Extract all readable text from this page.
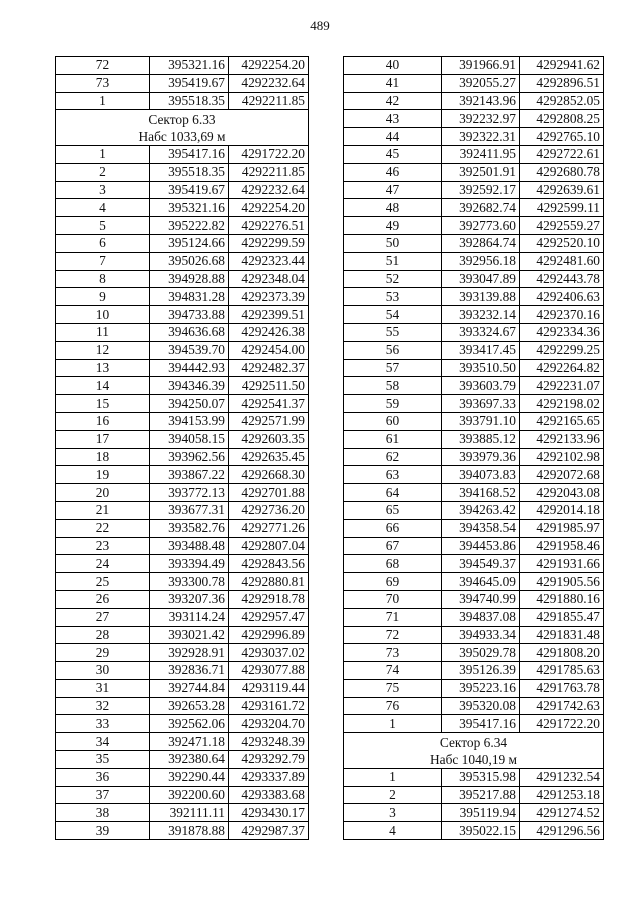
489
72	395321.16	4292254.20
73	395419.67	4292232.64
1	395518.35	4292211.85

Сектор 6.33
Набс 1033,69 м		

1	395417.16	4291722.20
2	395518.35	4292211.85
3	395419.67	4292232.64
4	395321.16	4292254.20
5	395222.82	4292276.51
6	395124.66	4292299.59
7	395026.68	4292323.44
8	394928.88	4292348.04
9	394831.28	4292373.39
10	394733.88	4292399.51
11	394636.68	4292426.38
12	394539.70	4292454.00
13	394442.93	4292482.37
14	394346.39	4292511.50
15	394250.07	4292541.37
16	394153.99	4292571.99
17	394058.15	4292603.35
18	393962.56	4292635.45
19	393867.22	4292668.30
20	393772.13	4292701.88
21	393677.31	4292736.20
22	393582.76	4292771.26
23	393488.48	4292807.04
24	393394.49	4292843.56
25	393300.78	4292880.81
26	393207.36	4292918.78
27	393114.24	4292957.47
28	393021.42	4292996.89
29	392928.91	4293037.02
30	392836.71	4293077.88
31	392744.84	4293119.44
32	392653.28	4293161.72
33	392562.06	4293204.70
34	392471.18	4293248.39
35	392380.64	4293292.79
36	392290.44	4293337.89
37	392200.60	4293383.68
38	392111.11	4293430.17
39	391878.88	4292987.37
40	391966.91	4292941.62
41	392055.27	4292896.51
42	392143.96	4292852.05
43	392232.97	4292808.25
44	392322.31	4292765.10
45	392411.95	4292722.61
46	392501.91	4292680.78
47	392592.17	4292639.61
48	392682.74	4292599.11
49	392773.60	4292559.27
50	392864.74	4292520.10
51	392956.18	4292481.60
52	393047.89	4292443.78
53	393139.88	4292406.63
54	393232.14	4292370.16
55	393324.67	4292334.36
56	393417.45	4292299.25
57	393510.50	4292264.82
58	393603.79	4292231.07
59	393697.33	4292198.02
60	393791.10	4292165.65
61	393885.12	4292133.96
62	393979.36	4292102.98
63	394073.83	4292072.68
64	394168.52	4292043.08
65	394263.42	4292014.18
66	394358.54	4291985.97
67	394453.86	4291958.46
68	394549.37	4291931.66
69	394645.09	4291905.56
70	394740.99	4291880.16
71	394837.08	4291855.47
72	394933.34	4291831.48
73	395029.78	4291808.20
74	395126.39	4291785.63
75	395223.16	4291763.78
76	395320.08	4291742.63
1	395417.16	4291722.20

Сектор 6.34
Набс 1040,19 м		

1	395315.98	4291232.54
2	395217.88	4291253.18
3	395119.94	4291274.52
4	395022.15	4291296.56
